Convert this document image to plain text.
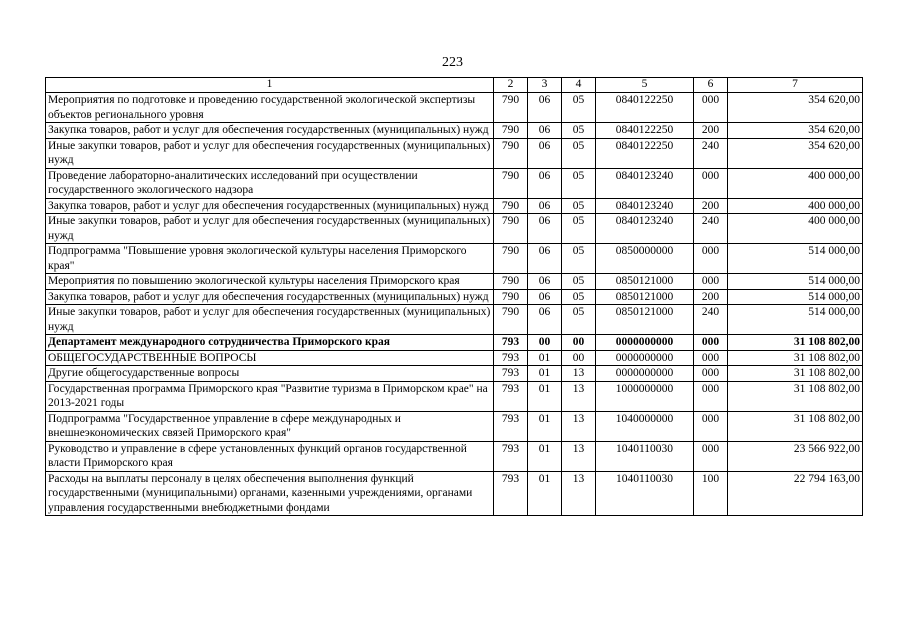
223
1	2	3	4	5	6	7
Мероприятия по подготовке и проведению государственной экологической экспертизы объектов регионального уровня	790	06	05	0840122250	000	354 620,00
Закупка товаров, работ и услуг для обеспечения государственных (муниципальных) нужд	790	06	05	0840122250	200	354 620,00
Иные закупки товаров, работ и услуг для обеспечения государственных (муниципальных) нужд	790	06	05	0840122250	240	354 620,00
Проведение лабораторно-аналитических исследований при осуществлении государственного экологического надзора	790	06	05	0840123240	000	400 000,00
Закупка товаров, работ и услуг для обеспечения государственных (муниципальных) нужд	790	06	05	0840123240	200	400 000,00
Иные закупки товаров, работ и услуг для обеспечения государственных (муниципальных) нужд	790	06	05	0840123240	240	400 000,00
Подпрограмма "Повышение уровня экологической культуры населения Приморского края"	790	06	05	0850000000	000	514 000,00
Мероприятия по повышению экологической культуры населения Приморского края	790	06	05	0850121000	000	514 000,00
Закупка товаров, работ и услуг для обеспечения государственных (муниципальных) нужд	790	06	05	0850121000	200	514 000,00
Иные закупки товаров, работ и услуг для обеспечения государственных (муниципальных) нужд	790	06	05	0850121000	240	514 000,00
Департамент международного сотрудничества Приморского края	793	00	00	0000000000	000	31 108 802,00
ОБЩЕГОСУДАРСТВЕННЫЕ ВОПРОСЫ	793	01	00	0000000000	000	31 108 802,00
Другие общегосударственные вопросы	793	01	13	0000000000	000	31 108 802,00
Государственная программа Приморского края "Развитие туризма в Приморском крае" на 2013-2021 годы	793	01	13	1000000000	000	31 108 802,00
Подпрограмма "Государственное управление в сфере международных и внешнеэкономических связей Приморского края"	793	01	13	1040000000	000	31 108 802,00
Руководство и управление в сфере установленных функций органов государственной власти Приморского края	793	01	13	1040110030	000	23 566 922,00
Расходы на выплаты персоналу в целях обеспечения выполнения функций государственными (муниципальными) органами, казенными учреждениями, органами управления государственными внебюджетными фондами	793	01	13	1040110030	100	22 794 163,00
